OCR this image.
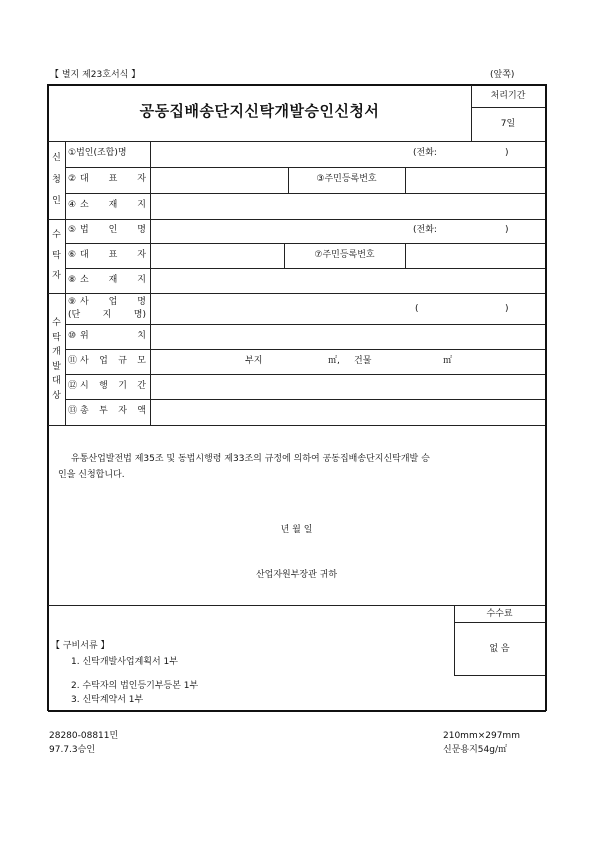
【 별지 제23호서식 】	(앞쪽)
공동집배송단지신탁개발승인신청서
처리기간
7일
신
청
인
①법인(조합)명	(전화:	)
② 대 표 자	③주민등록번호
④ 소 재 지
수
탁
자
⑤ 법 인 명	(전화:	)
⑥ 대 표 자	⑦주민등록번호
⑧ 소 재 지
수
탁
개
발
대
상
⑨ 사 업 명
(단 지 명)
(	)
⑩ 위	치
⑪ 사 업 규 모	부지	㎡, 건물	㎡
⑫ 시 행 기 간
⑬ 총 투 자 액
유통산업발전법 제35조 및 동법시행령 제33조의 규정에 의하여 공동집배송단지신탁개발 승
인을 신청합니다.
년 월 일
산업자원부장관 귀하
【 구비서류 】
1. 신탁개발사업계획서 1부
2. 수탁자의 법인등기부등본 1부
3. 신탁계약서 1부
수수료
없 음
28280-08811민
97.7.3승인
210mm×297mm
신문용지54g/㎡
